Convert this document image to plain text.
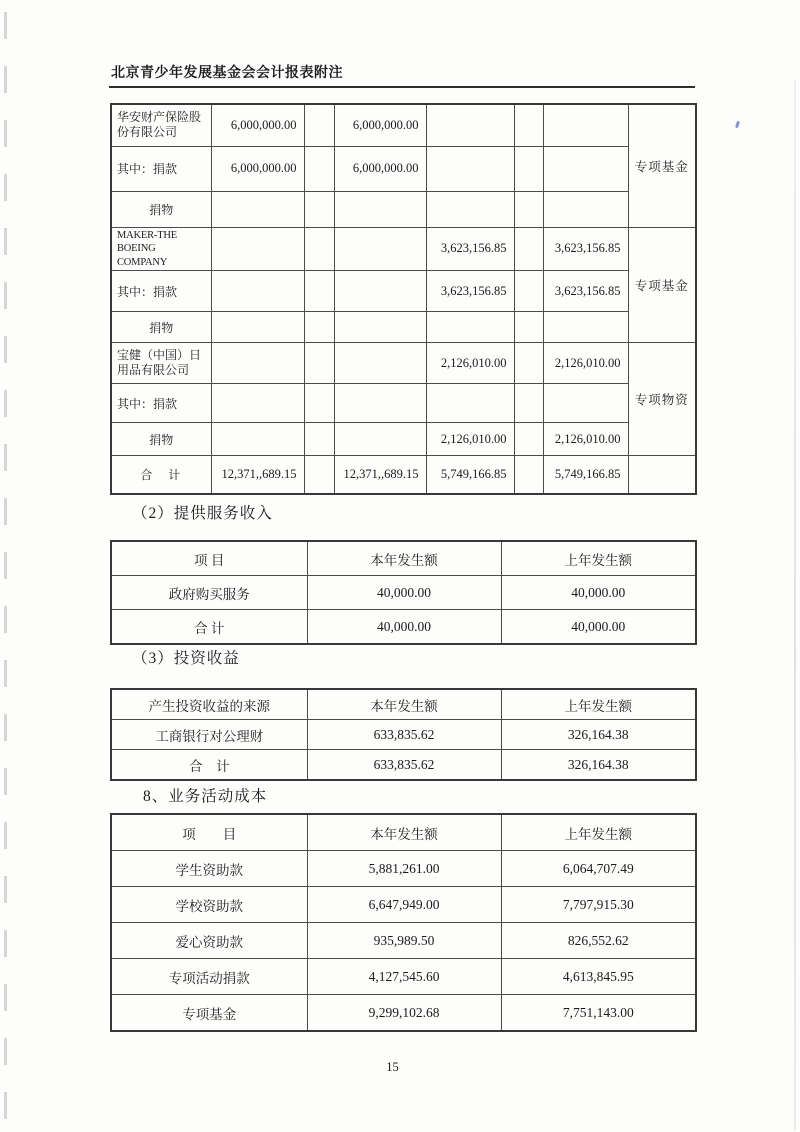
北京青少年发展基金会会计报表附注
华安财产保险股份有限公司	6,000,000.00		6,000,000.00				专项基金
其中：捐款	6,000,000.00		6,000,000.00				
捐物							
MAKER-THE BOEING COMPANY				3,623,156.85		3,623,156.85	专项基金
其中：捐款				3,623,156.85		3,623,156.85	
捐物							
宝健（中国）日用品有限公司				2,126,010.00		2,126,010.00	专项物资
其中：捐款							
捐物				2,126,010.00		2,126,010.00	
合　计	12,371,,689.15		12,371,,689.15	5,749,166.85		5,749,166.85	
（2）提供服务收入
项 目	本年发生额	上年发生额
政府购买服务	40,000.00	40,000.00
合 计	40,000.00	40,000.00
（3）投资收益
产生投资收益的来源	本年发生额	上年发生额
工商银行对公理财	633,835.62	326,164.38
合　计	633,835.62	326,164.38
8、业务活动成本
项　　目	本年发生额	上年发生额
学生资助款	5,881,261.00	6,064,707.49
学校资助款	6,647,949.00	7,797,915.30
爱心资助款	935,989.50	826,552.62
专项活动捐款	4,127,545.60	4,613,845.95
专项基金	9,299,102.68	7,751,143.00
15
